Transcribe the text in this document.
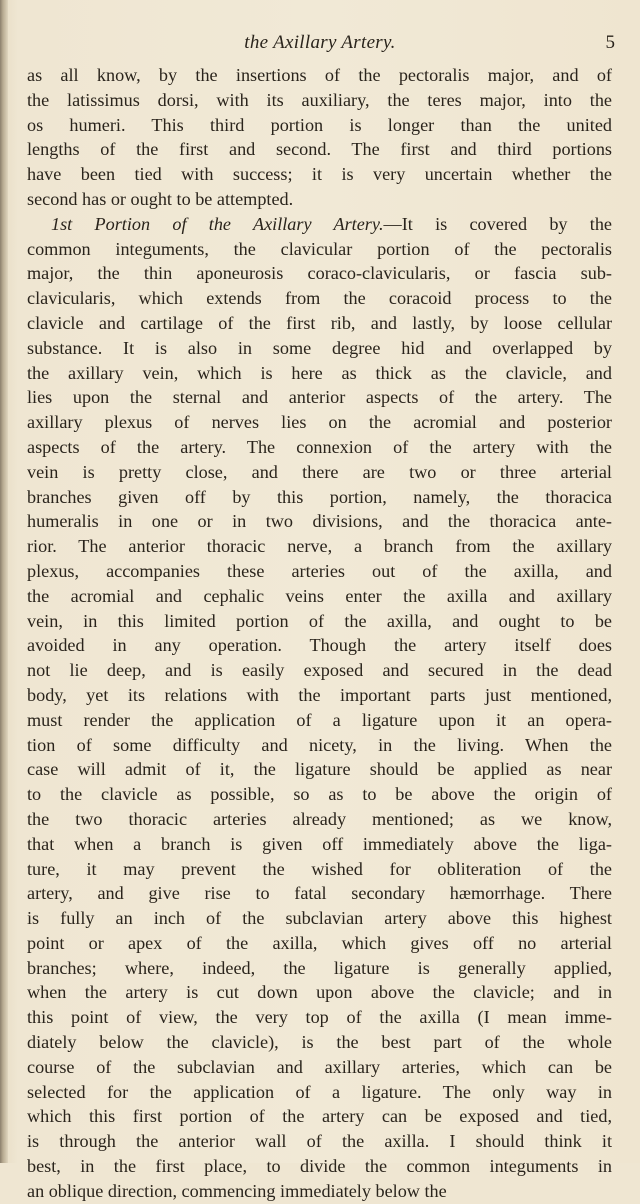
the Axillary Artery.	5
as all know, by the insertions of the pectoralis major, and of
the latissimus dorsi, with its auxiliary, the teres major, into the
os humeri. This third portion is longer than the united
lengths of the first and second. The first and third portions
have been tied with success; it is very uncertain whether the
second has or ought to be attempted.
1st Portion of the Axillary Artery.—It is covered by the
common integuments, the clavicular portion of the pectoralis
major, the thin aponeurosis coraco-clavicularis, or fascia sub-
clavicularis, which extends from the coracoid process to the
clavicle and cartilage of the first rib, and lastly, by loose cellular
substance. It is also in some degree hid and overlapped by
the axillary vein, which is here as thick as the clavicle, and
lies upon the sternal and anterior aspects of the artery. The
axillary plexus of nerves lies on the acromial and posterior
aspects of the artery. The connexion of the artery with the
vein is pretty close, and there are two or three arterial
branches given off by this portion, namely, the thoracica
humeralis in one or in two divisions, and the thoracica ante-
rior. The anterior thoracic nerve, a branch from the axillary
plexus, accompanies these arteries out of the axilla, and
the acromial and cephalic veins enter the axilla and axillary
vein, in this limited portion of the axilla, and ought to be
avoided in any operation. Though the artery itself does
not lie deep, and is easily exposed and secured in the dead
body, yet its relations with the important parts just mentioned,
must render the application of a ligature upon it an opera-
tion of some difficulty and nicety, in the living. When the
case will admit of it, the ligature should be applied as near
to the clavicle as possible, so as to be above the origin of
the two thoracic arteries already mentioned; as we know,
that when a branch is given off immediately above the liga-
ture, it may prevent the wished for obliteration of the
artery, and give rise to fatal secondary hæmorrhage. There
is fully an inch of the subclavian artery above this highest
point or apex of the axilla, which gives off no arterial
branches; where, indeed, the ligature is generally applied,
when the artery is cut down upon above the clavicle; and in
this point of view, the very top of the axilla (I mean imme-
diately below the clavicle), is the best part of the whole
course of the subclavian and axillary arteries, which can be
selected for the application of a ligature. The only way in
which this first portion of the artery can be exposed and tied,
is through the anterior wall of the axilla. I should think it
best, in the first place, to divide the common integuments in
an oblique direction, commencing immediately below the
